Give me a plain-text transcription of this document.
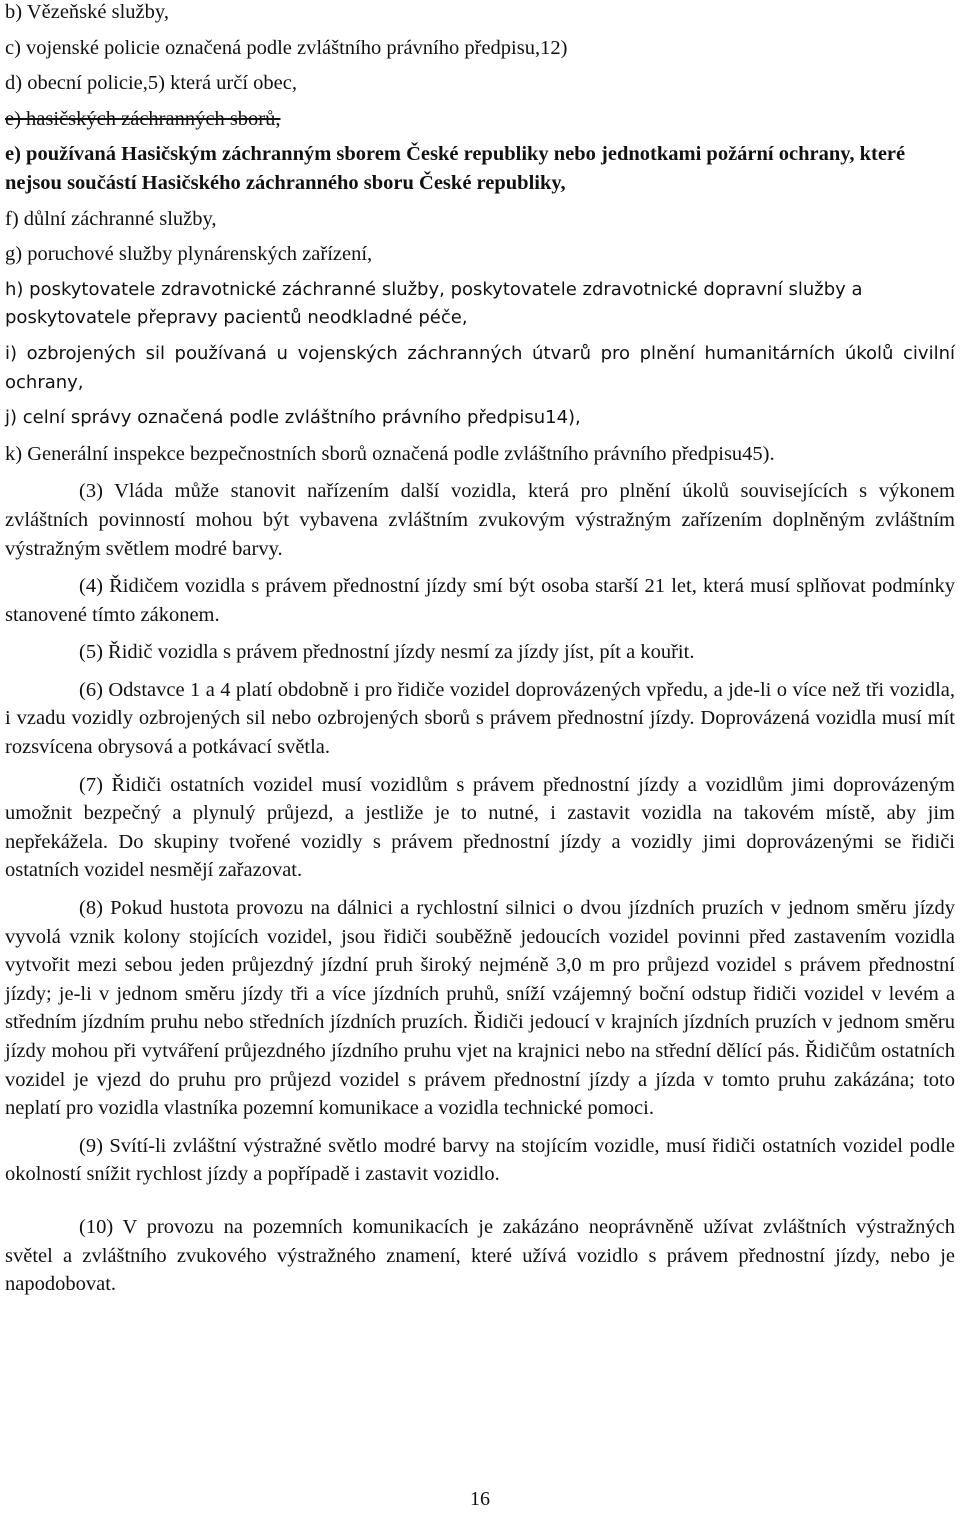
b) Vězeňské služby,
c) vojenské policie označená podle zvláštního právního předpisu,12)
d) obecní policie,5) která určí obec,
e) hasičských záchranných sborů,
e) používaná Hasičským záchranným sborem České republiky nebo jednotkami požární ochrany, které nejsou součástí Hasičského záchranného sboru České republiky,
f) důlní záchranné služby,
g) poruchové služby plynárenských zařízení,
h) poskytovatele zdravotnické záchranné služby, poskytovatele zdravotnické dopravní služby a poskytovatele přepravy pacientů neodkladné péče,
i) ozbrojených sil používaná u vojenských záchranných útvarů pro plnění humanitárních úkolů civilní ochrany,
j) celní správy označená podle zvláštního právního předpisu14),
k) Generální inspekce bezpečnostních sborů označená podle zvláštního právního předpisu45).
(3) Vláda může stanovit nařízením další vozidla, která pro plnění úkolů souvisejících s výkonem zvláštních povinností mohou být vybavena zvláštním zvukovým výstražným zařízením doplněným zvláštním výstražným světlem modré barvy.
(4) Řidičem vozidla s právem přednostní jízdy smí být osoba starší 21 let, která musí splňovat podmínky stanovené tímto zákonem.
(5) Řidič vozidla s právem přednostní jízdy nesmí za jízdy jíst, pít a kouřit.
(6) Odstavce 1 a 4 platí obdobně i pro řidiče vozidel doprovázených vpředu, a jde-li o více než tři vozidla, i vzadu vozidly ozbrojených sil nebo ozbrojených sborů s právem přednostní jízdy. Doprovázená vozidla musí mít rozsvícena obrysová a potkávací světla.
(7) Řidiči ostatních vozidel musí vozidlům s právem přednostní jízdy a vozidlům jimi doprovázeným umožnit bezpečný a plynulý průjezd, a jestliže je to nutné, i zastavit vozidla na takovém místě, aby jim nepřekážela. Do skupiny tvořené vozidly s právem přednostní jízdy a vozidly jimi doprovázenými se řidiči ostatních vozidel nesmějí zařazovat.
(8) Pokud hustota provozu na dálnici a rychlostní silnici o dvou jízdních pruzích v jednom směru jízdy vyvolá vznik kolony stojících vozidel, jsou řidiči souběžně jedoucích vozidel povinni před zastavením vozidla vytvořit mezi sebou jeden průjezdný jízdní pruh široký nejméně 3,0 m pro průjezd vozidel s právem přednostní jízdy; je-li v jednom směru jízdy tři a více jízdních pruhů, sníží vzájemný boční odstup řidiči vozidel v levém a středním jízdním pruhu nebo středních jízdních pruzích. Řidiči jedoucí v krajních jízdních pruzích v jednom směru jízdy mohou při vytváření průjezdného jízdního pruhu vjet na krajnici nebo na střední dělící pás. Řidičům ostatních vozidel je vjezd do pruhu pro průjezd vozidel s právem přednostní jízdy a jízda v tomto pruhu zakázána; toto neplatí pro vozidla vlastníka pozemní komunikace a vozidla technické pomoci.
(9) Svítí-li zvláštní výstražné světlo modré barvy na stojícím vozidle, musí řidiči ostatních vozidel podle okolností snížit rychlost jízdy a popřípadě i zastavit vozidlo.
(10) V provozu na pozemních komunikacích je zakázáno neoprávněně užívat zvláštních výstražných světel a zvláštního zvukového výstražného znamení, které užívá vozidlo s právem přednostní jízdy, nebo je napodobovat.
16
